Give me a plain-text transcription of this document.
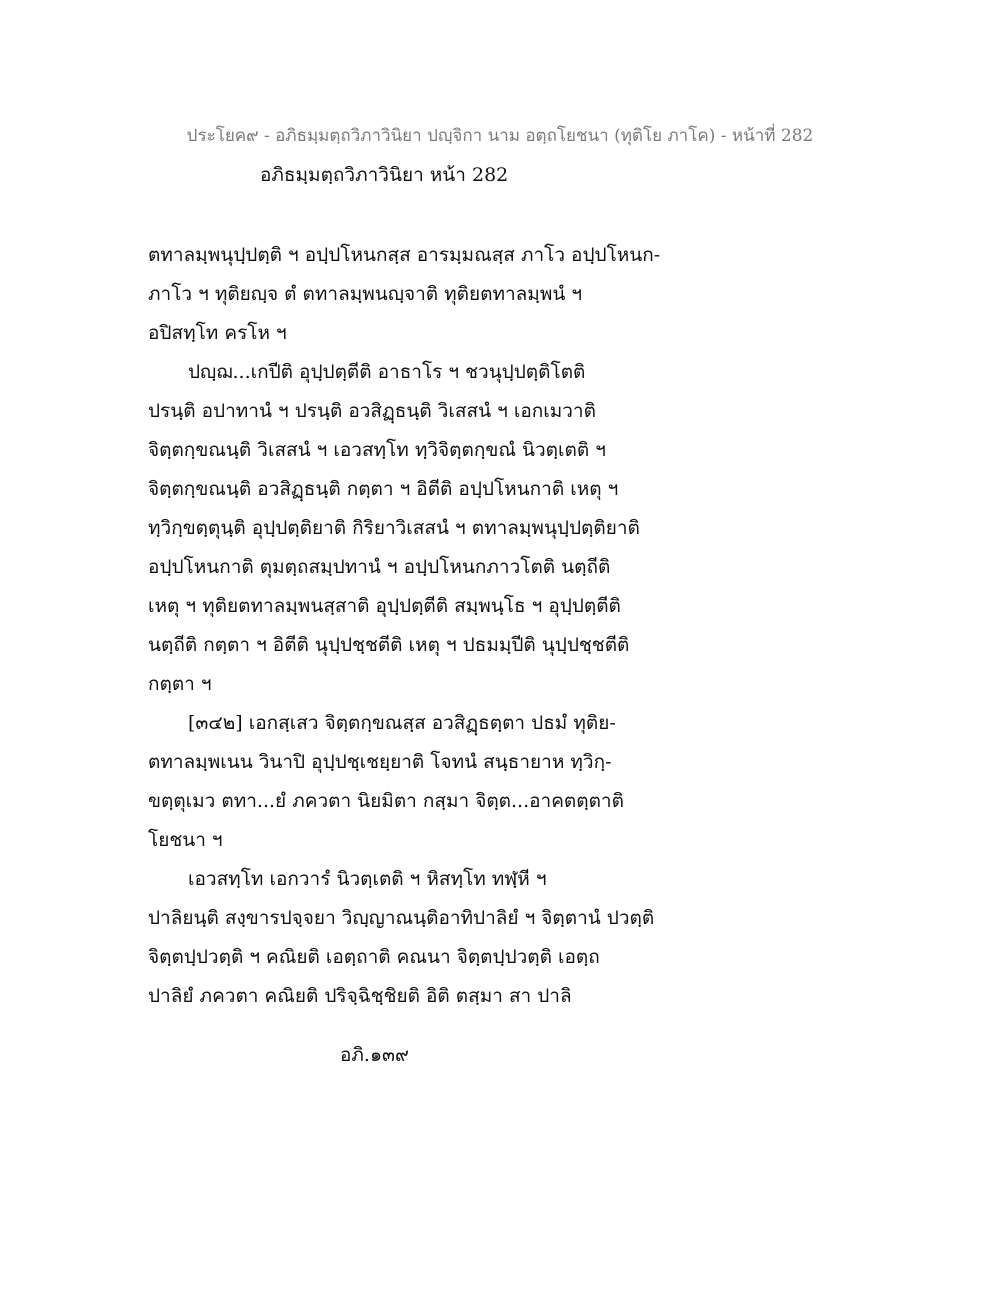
ประโยค๙ - อภิธมฺมตฺถวิภาวินิยา ปญฺจิกา นาม อตฺถโยชนา (ทุติโย ภาโค) - หน้าที่ 282
อภิธมฺมตฺถวิภาวินิยา หน้า 282
ตทาลมฺพนุปฺปตฺติ ฯ อปฺปโหนกสฺส อารมฺมณสฺส ภาโว อปฺปโหนก-
ภาโว ฯ ทุติยญฺจ ตํ ตทาลมฺพนญฺจาติ ทุติยตทาลมฺพนํ ฯ
อปิสทฺโท ครโห ฯ
ปญฺฌ...เกปีติ อุปฺปตฺตีติ อาธาโร ฯ ชวนุปฺปตฺติโตติ
ปรนฺติ อปาทานํ ฯ ปรนฺติ อวสิฏฺธนฺติ วิเสสนํ ฯ เอกเมวาติ
จิตฺตกฺขณนฺติ วิเสสนํ ฯ เอวสทฺโท ทฺวิจิตฺตกฺขณํ นิวตฺเตติ ฯ
จิตฺตกฺขณนฺติ อวสิฏฺธนฺติ กตฺตา ฯ อิตีติ อปฺปโหนกาติ เหตุ ฯ
ทฺวิกฺขตฺตุนฺติ อุปฺปตฺติยาติ กิริยาวิเสสนํ ฯ ตทาลมฺพนุปฺปตฺติยาติ
อปฺปโหนกาติ ตุมตฺถสมฺปทานํ ฯ อปฺปโหนกภาวโตติ นตฺถีติ
เหตุ ฯ ทุติยตทาลมฺพนสฺสาติ อุปฺปตฺตีติ สมฺพนฺโธ ฯ อุปฺปตฺตีติ
นตฺถีติ กตฺตา ฯ อิตีติ นุปฺปชฺชตีติ เหตุ ฯ ปธมมฺปีติ นุปฺปชฺชตีติ
กตฺตา ฯ
[๓๔๒] เอกสฺเสว จิตฺตกฺขณสฺส อวสิฏฺธตฺตา ปธมํ ทุติย-
ตทาลมฺพเนน วินาปิ อุปฺปชฺเชยฺยาติ โจทนํ สนฺธายาห ทฺวิกฺ-
ขตฺตุเมว ตทา...ยํ ภควตา นิยมิตา กสฺมา จิตฺต...อาคตตฺตาติ
โยชนา ฯ
เอวสทฺโท เอกวารํ นิวตฺเตติ ฯ หิสทฺโท ทฬฺหี ฯ
ปาลิยนฺติ สงฺขารปจฺจยา วิญฺญาณนฺติอาทิปาลิยํ ฯ จิตฺตานํ ปวตฺติ
จิตฺตปฺปวตฺติ ฯ คณิยติ เอตฺถาติ คณนา จิตฺตปฺปวตฺติ เอตฺถ
ปาลิยํ ภควตา คณิยติ ปริจฺฉิชฺชิยติ อิติ ตสฺมา สา ปาลิ
อภิ.๑๓๙
